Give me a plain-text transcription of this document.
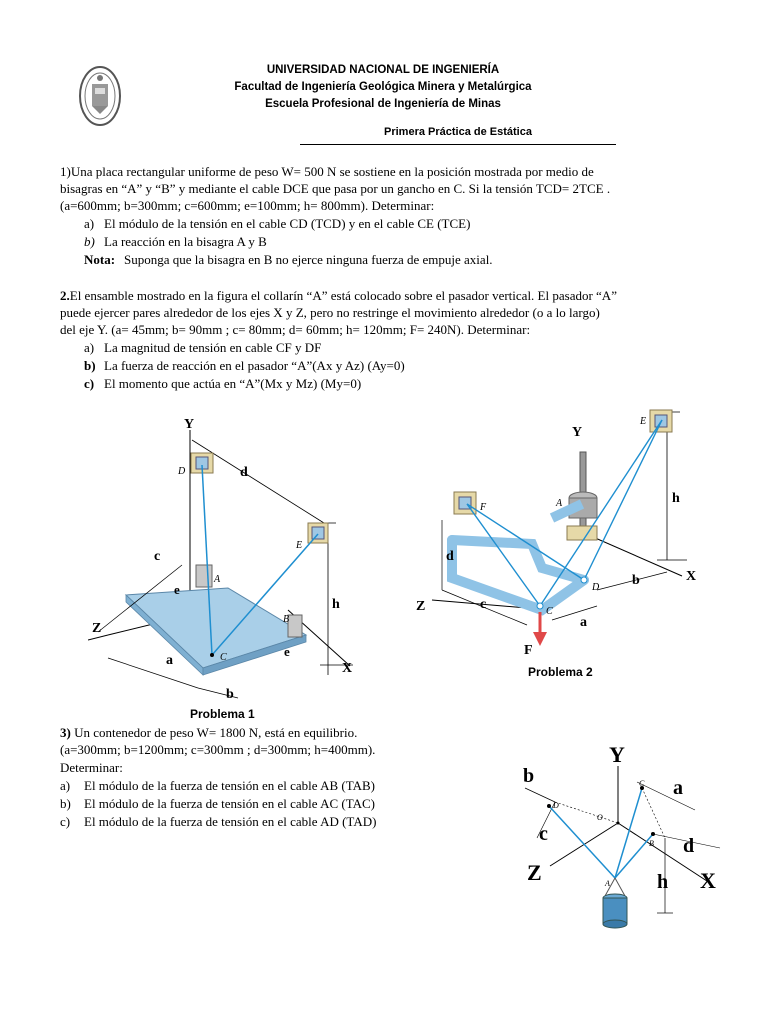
UNIVERSIDAD NACIONAL DE INGENIERÍA
Facultad de Ingeniería Geológica Minera y Metalúrgica
Escuela Profesional de Ingeniería de Minas
Primera Práctica de Estática
1)Una placa rectangular uniforme de peso W= 500 N se sostiene en la posición mostrada por medio de
bisagras en “A” y “B” y mediante el cable DCE que pasa por un gancho en C. Si la tensión TCD= 2TCE .
(a=600mm; b=300mm; c=600mm; e=100mm; h= 800mm). Determinar:
a) El módulo de la tensión en el cable CD (TCD) y en el cable CE (TCE)
b) La reacción en la bisagra A y B
Nota: Suponga que la bisagra en B no ejerce ninguna fuerza de empuje axial.
2.El ensamble mostrado en la figura el collarín “A” está colocado sobre el pasador vertical. El pasador “A”
puede ejercer pares alrededor de los ejes X y Z, pero no restringe el movimiento alrededor (o a lo largo)
del eje Y. (a= 45mm; b= 90mm ; c= 80mm; d= 60mm; h= 120mm; F= 240N). Determinar:
a) La magnitud de tensión en cable CF y DF
b) La fuerza de reacción en el pasador “A”(Ax y Az) (Ay=0)
c) El momento que actúa en “A”(Mx y Mz) (My=0)
Y
Z
X
D
E
A
B
C
d
h
c
a
b
e
e
Problema 1
Y
Z
X
E
F	A
C
D
d
c
a
b
h
F
Problema 2
3) Un contenedor de peso W= 1800 N, está en equilibrio.
(a=300mm; b=1200mm; c=300mm ; d=300mm; h=400mm).
Determinar:
a) El módulo de la fuerza de tensión en el cable AB (TAB)
b) El módulo de la fuerza de tensión en el cable AC (TAC)
c) El módulo de la fuerza de tensión en el cable AD (TAD)
Y
Z	X
O
A
B
C
D
b
c
a
d
h
